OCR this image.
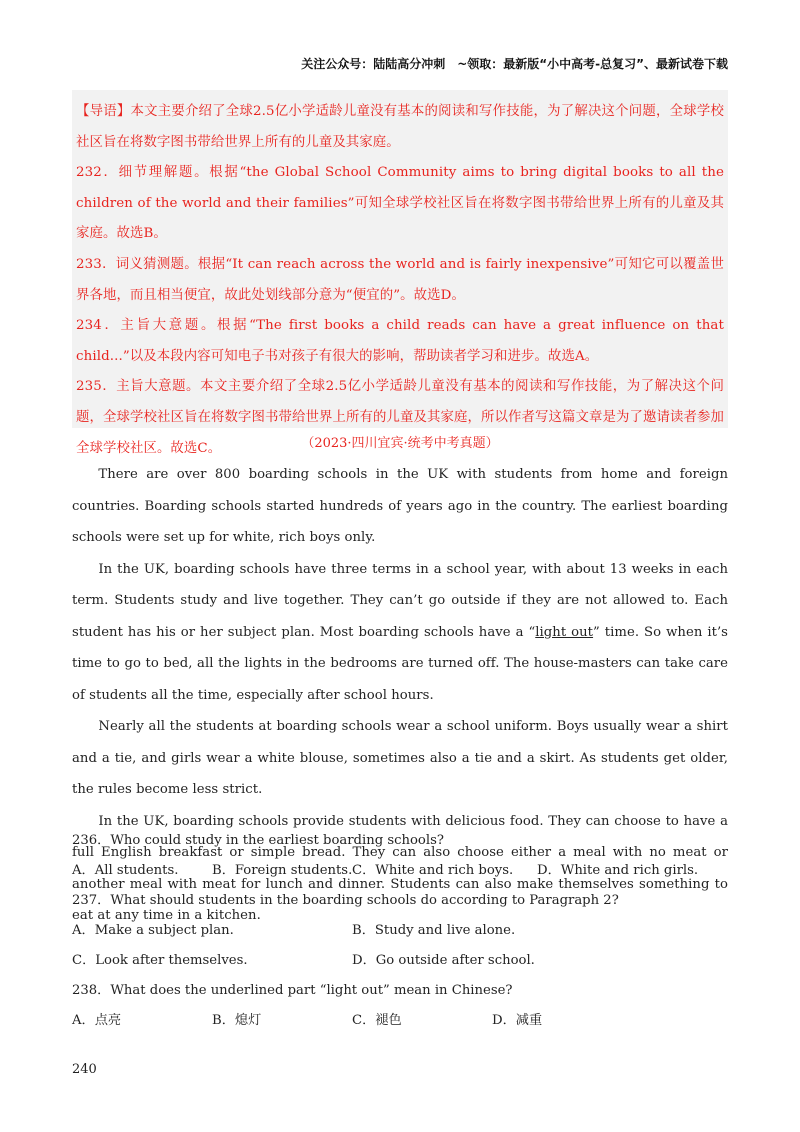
关注公众号：陆陆高分冲刺　~领取：最新版“小中高考-总复习”、最新试卷下载

【导语】本文主要介绍了全球2.5亿小学适龄儿童没有基本的阅读和写作技能，为了解决这个问题，全球学校社区旨在将数字图书带给世界上所有的儿童及其家庭。

232．细节理解题。根据“the Global School Community aims to bring digital books to all the children of the world and their families”可知全球学校社区旨在将数字图书带给世界上所有的儿童及其家庭。故选B。

233．词义猜测题。根据“It can reach across the world and is fairly inexpensive”可知它可以覆盖世界各地，而且相当便宜，故此处划线部分意为“便宜的”。故选D。

234．主旨大意题。根据“The first books a child reads can have a great influence on that child...”以及本段内容可知电子书对孩子有很大的影响，帮助读者学习和进步。故选A。

235．主旨大意题。本文主要介绍了全球2.5亿小学适龄儿童没有基本的阅读和写作技能，为了解决这个问题，全球学校社区旨在将数字图书带给世界上所有的儿童及其家庭，所以作者写这篇文章是为了邀请读者参加全球学校社区。故选C。	（2023·四川宜宾·统考中考真题）

There are over 800 boarding schools in the UK with students from home and foreign countries. Boarding schools started hundreds of years ago in the country. The earliest boarding schools were set up for white, rich boys only.

In the UK, boarding schools have three terms in a school year, with about 13 weeks in each term. Students study and live together. They can’t go outside if they are not allowed to. Each student has his or her subject plan. Most boarding schools have a “light out” time. So when it’s time to go to bed, all the lights in the bedrooms are turned off. The house-masters can take care of students all the time, especially after school hours.

Nearly all the students at boarding schools wear a school uniform. Boys usually wear a shirt and a tie, and girls wear a white blouse, sometimes also a tie and a skirt. As students get older, the rules become less strict.

In the UK, boarding schools provide students with delicious food. They can choose to have a full English breakfast or simple bread. They can also choose either a meal with no meat or another meal with meat for lunch and dinner. Students can also make themselves something to eat at any time in a kitchen.

236．Who could study in the earliest boarding schools?
A．All students.	B．Foreign students. C．White and rich boys. D．White and rich girls.
237．What should students in the boarding schools do according to Paragraph 2?
A．Make a subject plan.	B．Study and live alone.
C．Look after themselves.	D．Go outside after school.
238．What does the underlined part “light out” mean in Chinese?
A．点亮	B．熄灯	C．褪色	D．减重
240
